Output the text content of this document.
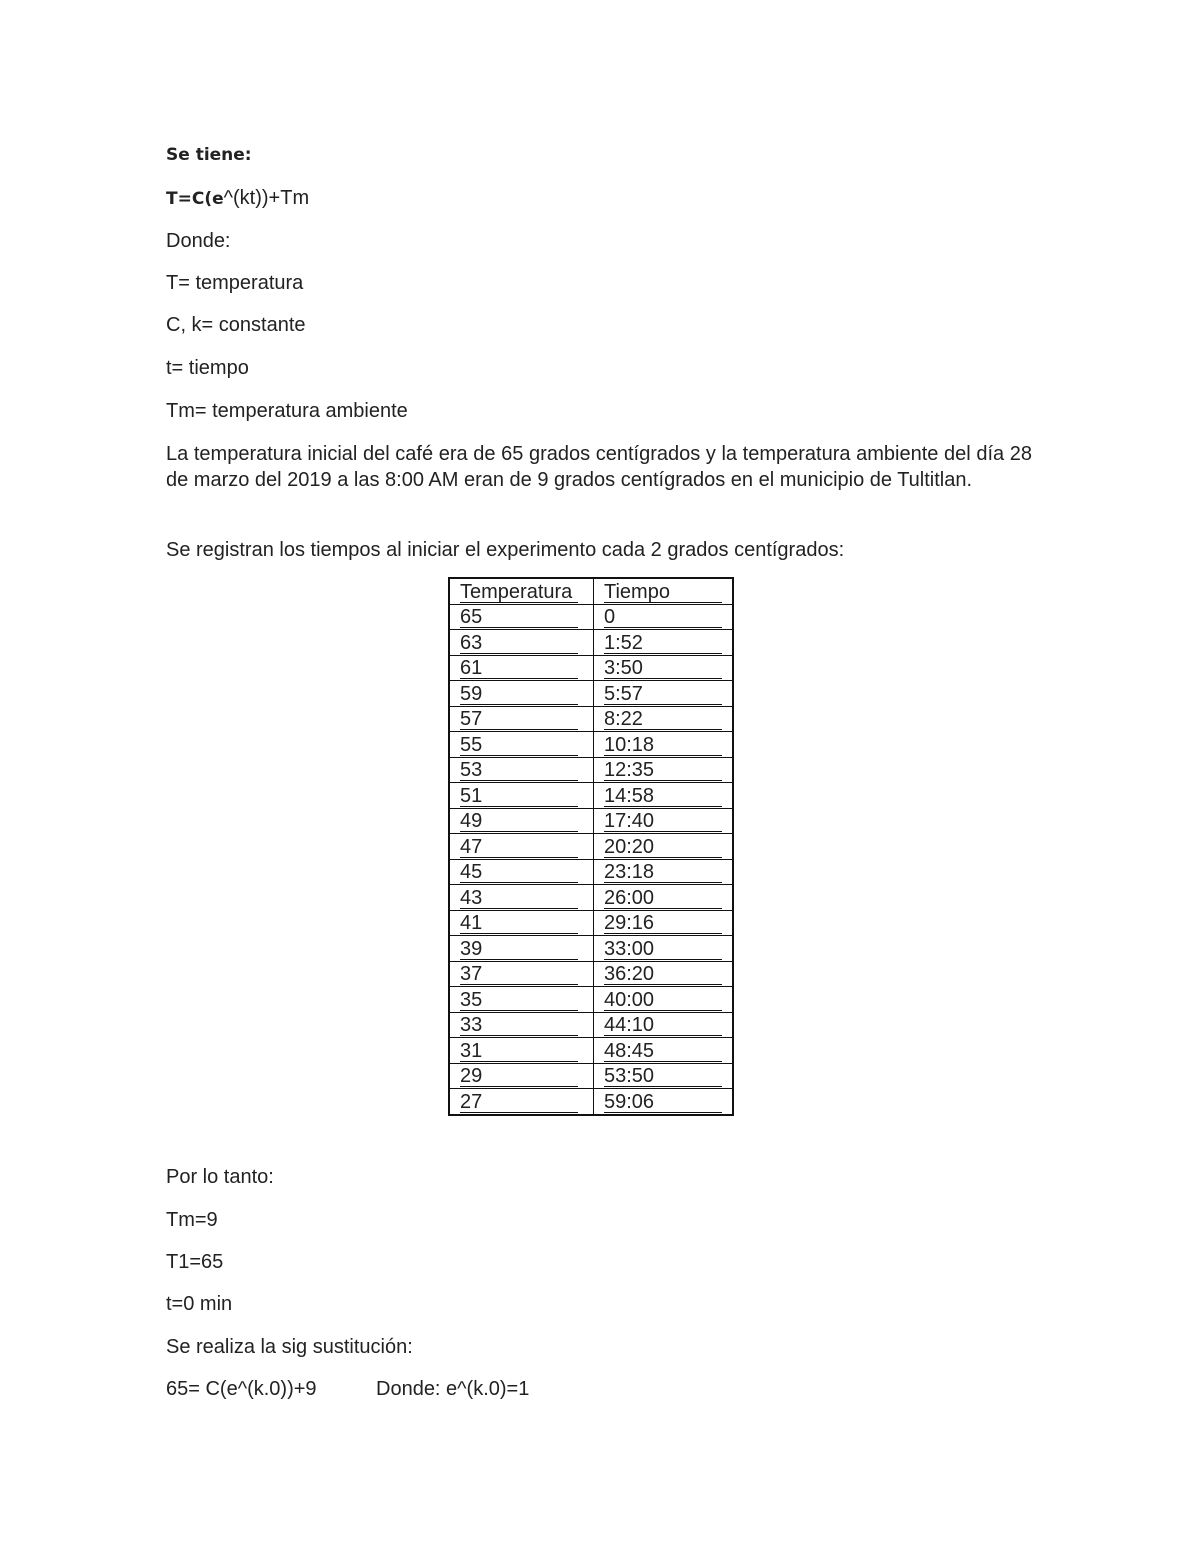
Se tiene:
T=C(e^(kt))+Tm
Donde:
T= temperatura
C, k= constante
t= tiempo
Tm= temperatura ambiente
La temperatura inicial del café era de 65 grados centígrados y la temperatura ambiente del día 28 de marzo del 2019 a las 8:00 AM eran de 9 grados centígrados en el municipio de Tultitlan.
Se registran los tiempos al iniciar el experimento cada 2 grados centígrados:
Temperatura	Tiempo
65	0
63	1:52
61	3:50
59	5:57
57	8:22
55	10:18
53	12:35
51	14:58
49	17:40
47	20:20
45	23:18
43	26:00
41	29:16
39	33:00
37	36:20
35	40:00
33	44:10
31	48:45
29	53:50
27	59:06
Por lo tanto:
Tm=9
T1=65
t=0 min
Se realiza la sig sustitución:
65= C(e^(k.0))+9	Donde: e^(k.0)=1
